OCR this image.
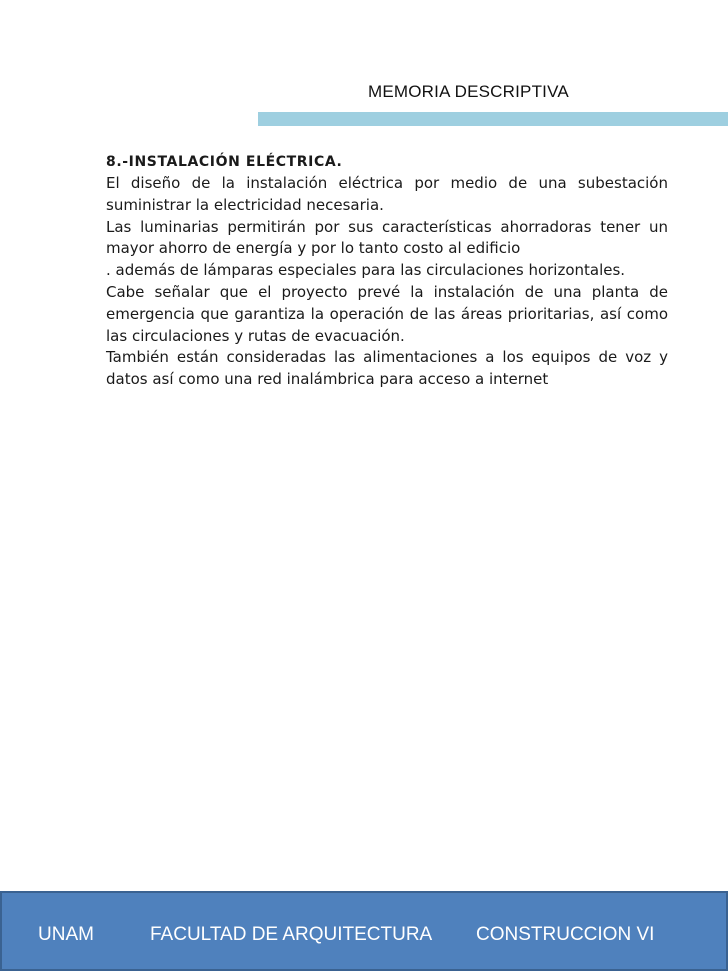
MEMORIA DESCRIPTIVA

8.-INSTALACIÓN ELÉCTRICA.

El diseño de la instalación eléctrica por medio de una subestación suministrar la electricidad necesaria.

Las luminarias permitirán por sus características ahorradoras tener un mayor ahorro de energía y por lo tanto costo al edificio

. además de lámparas especiales para las circulaciones horizontales.

Cabe señalar que el proyecto prevé la instalación de una planta de emergencia que garantiza la operación de las áreas prioritarias, así como las circulaciones y rutas de evacuación.

También están consideradas las alimentaciones a los equipos de voz y datos así como una red inalámbrica para acceso a internet

UNAM	FACULTAD DE ARQUITECTURA CONSTRUCCION VI
